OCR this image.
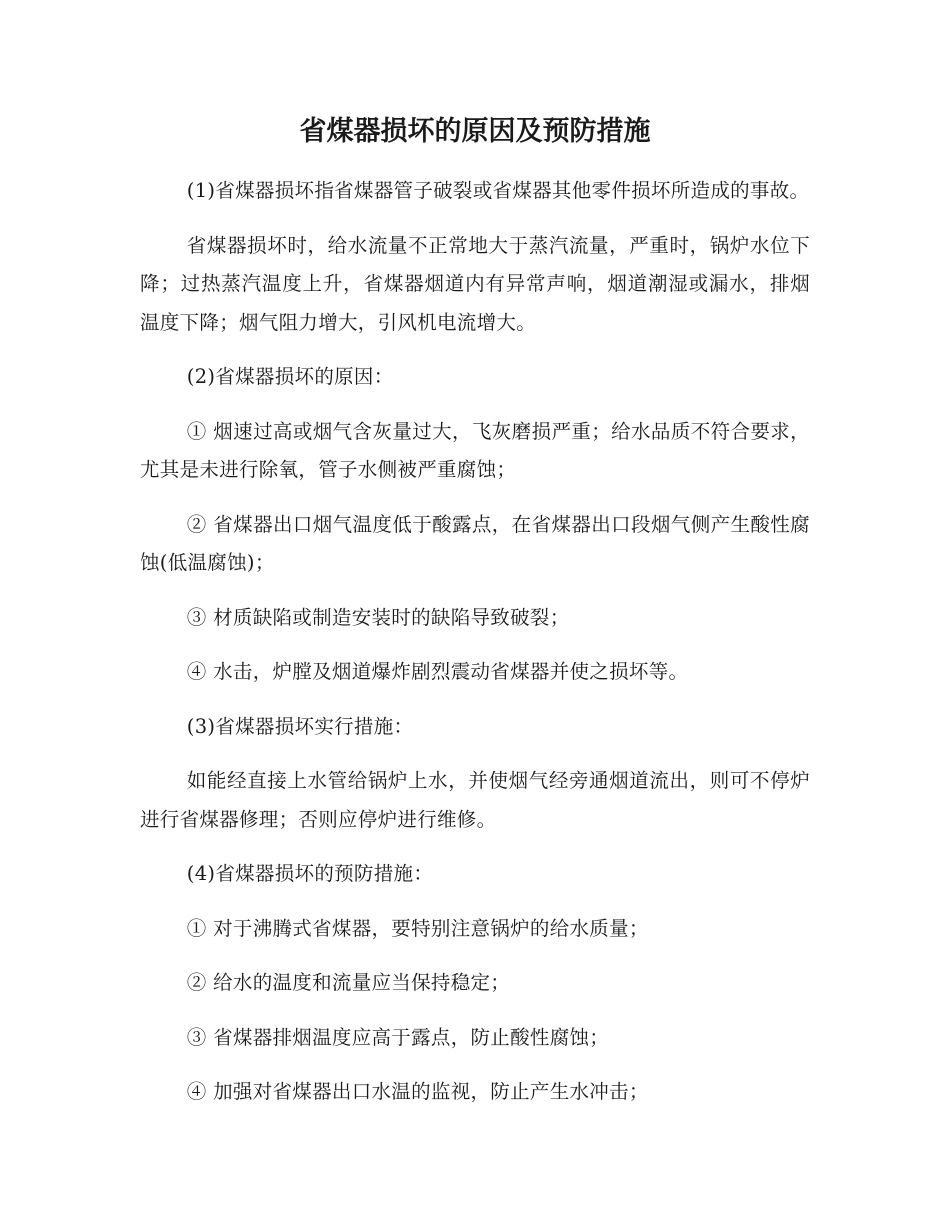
省煤器损坏的原因及预防措施

(1)省煤器损坏指省煤器管子破裂或省煤器其他零件损坏所造成的事故。

省煤器损坏时，给水流量不正常地大于蒸汽流量，严重时，锅炉水位下降；过热蒸汽温度上升，省煤器烟道内有异常声响，烟道潮湿或漏水，排烟温度下降；烟气阻力增大，引风机电流增大。

(2)省煤器损坏的原因：

① 烟速过高或烟气含灰量过大，飞灰磨损严重；给水品质不符合要求，尤其是未进行除氧，管子水侧被严重腐蚀；

② 省煤器出口烟气温度低于酸露点，在省煤器出口段烟气侧产生酸性腐蚀(低温腐蚀)；

③ 材质缺陷或制造安装时的缺陷导致破裂；

④ 水击，炉膛及烟道爆炸剧烈震动省煤器并使之损坏等。

(3)省煤器损坏实行措施：

如能经直接上水管给锅炉上水，并使烟气经旁通烟道流出，则可不停炉进行省煤器修理；否则应停炉进行维修。

(4)省煤器损坏的预防措施：

① 对于沸腾式省煤器，要特别注意锅炉的给水质量；

② 给水的温度和流量应当保持稳定；

③ 省煤器排烟温度应高于露点，防止酸性腐蚀；

④ 加强对省煤器出口水温的监视，防止产生水冲击；
